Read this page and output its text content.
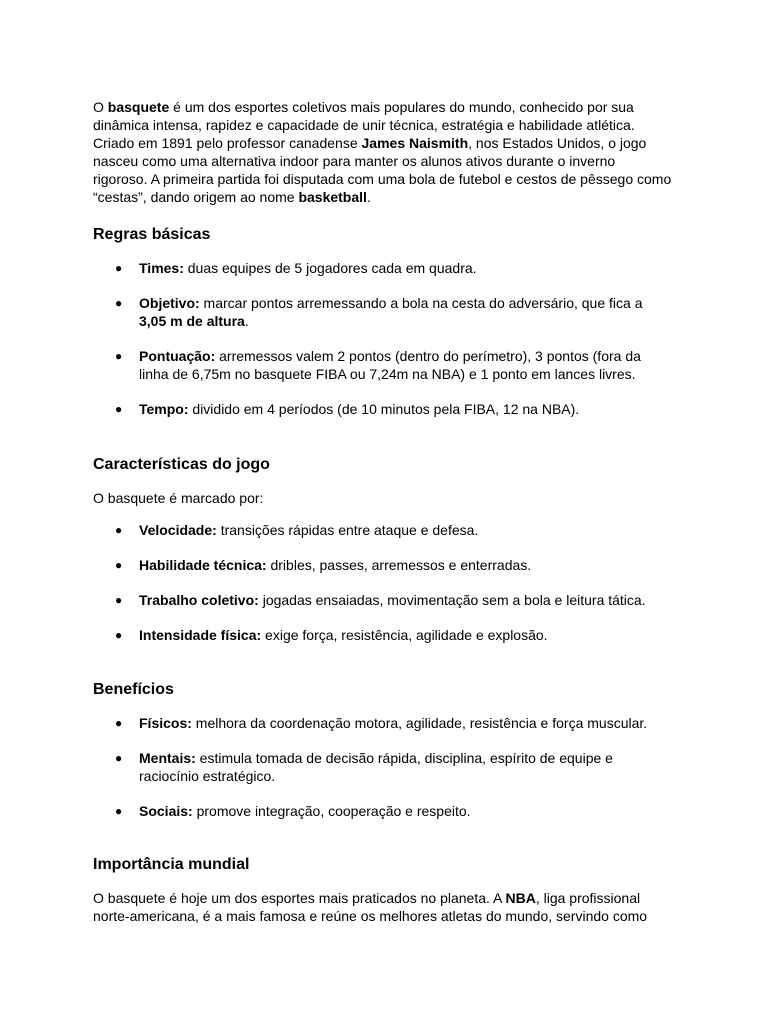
O basquete é um dos esportes coletivos mais populares do mundo, conhecido por sua dinâmica intensa, rapidez e capacidade de unir técnica, estratégia e habilidade atlética. Criado em 1891 pelo professor canadense James Naismith, nos Estados Unidos, o jogo nasceu como uma alternativa indoor para manter os alunos ativos durante o inverno rigoroso. A primeira partida foi disputada com uma bola de futebol e cestos de pêssego como “cestas”, dando origem ao nome basketball.

Regras básicas
● Times: duas equipes de 5 jogadores cada em quadra.
● Objetivo: marcar pontos arremessando a bola na cesta do adversário, que fica a 3,05 m de altura.
● Pontuação: arremessos valem 2 pontos (dentro do perímetro), 3 pontos (fora da linha de 6,75m no basquete FIBA ou 7,24m na NBA) e 1 ponto em lances livres.
● Tempo: dividido em 4 períodos (de 10 minutos pela FIBA, 12 na NBA).
Características do jogo

O basquete é marcado por:

● Velocidade: transições rápidas entre ataque e defesa.
● Habilidade técnica: dribles, passes, arremessos e enterradas.
● Trabalho coletivo: jogadas ensaiadas, movimentação sem a bola e leitura tática.
● Intensidade física: exige força, resistência, agilidade e explosão.
Benefícios
● Físicos: melhora da coordenação motora, agilidade, resistência e força muscular.
● Mentais: estimula tomada de decisão rápida, disciplina, espírito de equipe e raciocínio estratégico.
● Sociais: promove integração, cooperação e respeito.
Importância mundial

O basquete é hoje um dos esportes mais praticados no planeta. A NBA, liga profissional norte-americana, é a mais famosa e reúne os melhores atletas do mundo, servindo como
